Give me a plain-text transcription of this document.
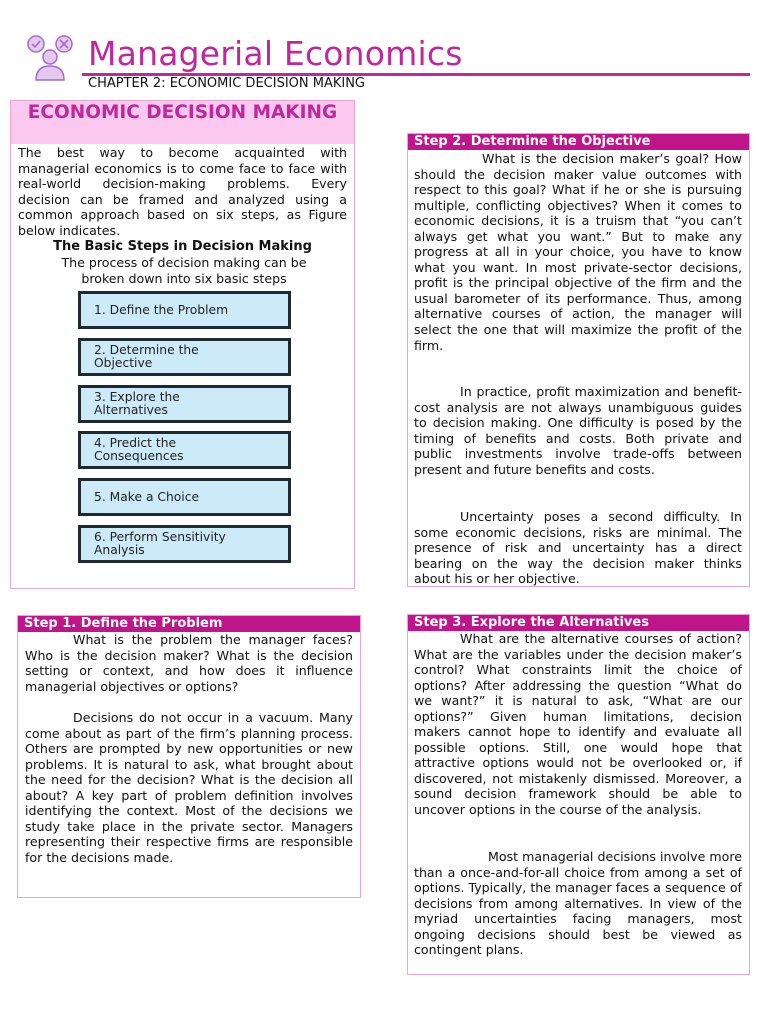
Managerial Economics
CHAPTER 2: ECONOMIC DECISION MAKING
ECONOMIC DECISION MAKING
The best way to become acquainted with managerial economics is to come face to face with real-world decision-making problems. Every decision can be framed and analyzed using a common approach based on six steps, as Figure below indicates.
The Basic Steps in Decision Making
The process of decision making can be broken down into six basic steps
1. Define the Problem
2. Determine the
Objective
3. Explore the
Alternatives
4. Predict the
Consequences
5. Make a Choice
6. Perform Sensitivity
Analysis
Step 2. Determine the Objective
What is the decision maker’s goal? How should the decision maker value outcomes with respect to this goal? What if he or she is pursuing multiple, conflicting objectives? When it comes to economic decisions, it is a truism that “you can’t always get what you want.” But to make any progress at all in your choice, you have to know what you want. In most private-sector decisions, profit is the principal objective of the firm and the usual barometer of its performance. Thus, among alternative courses of action, the manager will select the one that will maximize the profit of the firm.
In practice, profit maximization and benefit-cost analysis are not always unambiguous guides to decision making. One difficulty is posed by the timing of benefits and costs. Both private and public investments involve trade-offs between present and future benefits and costs.
Uncertainty poses a second difficulty. In some economic decisions, risks are minimal. The presence of risk and uncertainty has a direct bearing on the way the decision maker thinks about his or her objective.
Step 1. Define the Problem
What is the problem the manager faces? Who is the decision maker? What is the decision setting or context, and how does it influence managerial objectives or options?
Decisions do not occur in a vacuum. Many come about as part of the firm’s planning process. Others are prompted by new opportunities or new problems. It is natural to ask, what brought about the need for the decision? What is the decision all about? A key part of problem definition involves identifying the context. Most of the decisions we study take place in the private sector. Managers representing their respective firms are responsible for the decisions made.
Step 3. Explore the Alternatives
What are the alternative courses of action? What are the variables under the decision maker’s control? What constraints limit the choice of options? After addressing the question “What do we want?” it is natural to ask, “What are our options?” Given human limitations, decision makers cannot hope to identify and evaluate all possible options. Still, one would hope that attractive options would not be overlooked or, if discovered, not mistakenly dismissed. Moreover, a sound decision framework should be able to uncover options in the course of the analysis.
Most managerial decisions involve more than a once-and-for-all choice from among a set of options. Typically, the manager faces a sequence of decisions from among alternatives. In view of the myriad uncertainties facing managers, most ongoing decisions should best be viewed as contingent plans.
